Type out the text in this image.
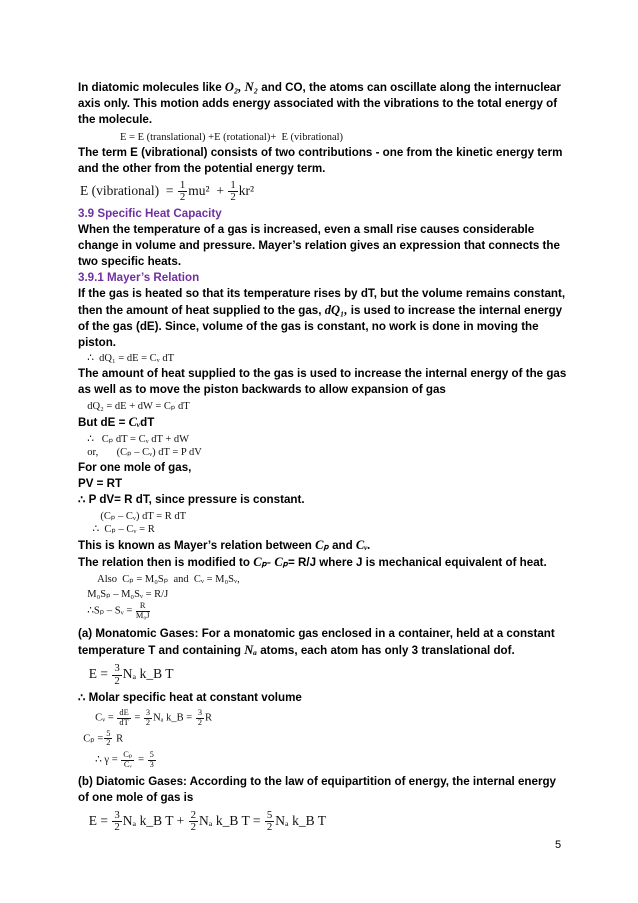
In diatomic molecules like O₂, N₂ and CO, the atoms can oscillate along the internuclear axis only. This motion adds energy associated with the vibrations to the total energy of the molecule.

E = E (translational) +E (rotational)+  E (vibrational)

The term E (vibrational) consists of two contributions - one from the kinetic energy term and the other from the potential energy term.

E (vibrational) = $\frac{1}{2} mu^2 + \frac{1}{2} kr^2$

3.9 Specific Heat Capacity

When the temperature of a gas is increased, even a small rise causes considerable change in volume and pressure. Mayer’s relation gives an expression that connects the two specific heats.

3.9.1 Mayer’s Relation

If the gas is heated so that its temperature rises by dT, but the volume remains constant, then the amount of heat supplied to the gas, dQ₁, is used to increase the internal energy of the gas (dE). Since, volume of the gas is constant, no work is done in moving the piston.

∴  dQ₁ = dE = Cᵥ dT

The amount of heat supplied to the gas is used to increase the internal energy of the gas as well as to move the piston backwards to allow expansion of gas

dQ₂ = dE + dW = Cₚ dT

But dE = CᵥdT

∴   Cₚ dT = Cᵥ dT + dW

or,       (Cₚ – Cᵥ) dT = P dV

For one mole of gas,

PV = RT

∴ P dV= R dT, since pressure is constant.

(Cₚ – Cᵥ) dT = R dT

∴  Cₚ – Cᵥ = R

This is known as Mayer’s relation between Cₚ and Cᵥ.

The relation then is modified to Cₚ- Cₚ= R/J where J is mechanical equivalent of heat.

Also  Cₚ = M₀Sₚ  and  Cᵥ = M₀Sᵥ,

M₀Sₚ – M₀Sᵥ = R/J

∴Sₚ – Sᵥ = $\frac{R}{\text{M₀J}}$

(a) Monatomic Gases: For a monatomic gas enclosed in a container, held at a constant temperature T and containing Nₐ atoms, each atom has only 3 translational dof.

$E = \frac{3}{2}$ Nₐ k_B T

∴ Molar specific heat at constant volume

Cᵥ = $\frac{dE}{dT} = \frac{3}{2}$ Nₐ k_B = $\frac{3}{2}$ R

$C_p = \frac{5}{2}$ R

∴ $\gamma = \frac{\text{Cₚ}}{\text{Cᵥ}} = \frac{5}{3}$

(b) Diatomic Gases: According to the law of equipartition of energy, the internal energy of one mole of gas is

$E = \frac{3}{2}$ Nₐ k_B $T + \frac{2}{2}$ Nₐ k_B $T = \frac{5}{2}$ Nₐ k_B T

5
